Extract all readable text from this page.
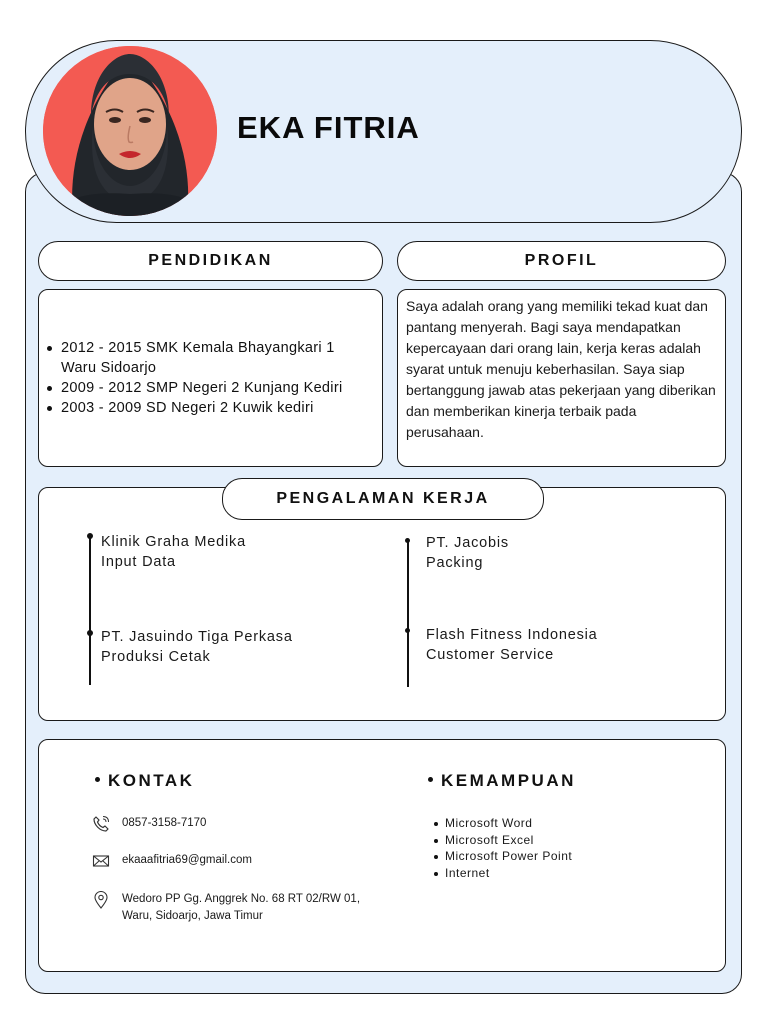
EKA FITRIA
PENDIDIKAN
2012 - 2015 SMK Kemala Bhayangkari 1 Waru Sidoarjo
2009 - 2012 SMP Negeri 2 Kunjang Kediri
2003 - 2009 SD Negeri 2 Kuwik kediri
PROFIL
Saya adalah orang yang memiliki tekad kuat dan pantang menyerah. Bagi saya mendapatkan kepercayaan dari orang lain, kerja keras adalah syarat untuk menuju keberhasilan. Saya siap bertanggung jawab atas pekerjaan yang diberikan dan memberikan kinerja terbaik pada perusahaan.
PENGALAMAN KERJA
Klinik Graha Medika
Input Data
PT. Jasuindo Tiga Perkasa
Produksi Cetak
PT. Jacobis
Packing
Flash Fitness Indonesia
Customer Service
KONTAK	KEMAMPUAN
0857-3158-7170
ekaaafitria69@gmail.com
Wedoro PP Gg. Anggrek No. 68 RT 02/RW 01, Waru, Sidoarjo, Jawa Timur
Microsoft Word
Microsoft Excel
Microsoft Power Point
Internet
